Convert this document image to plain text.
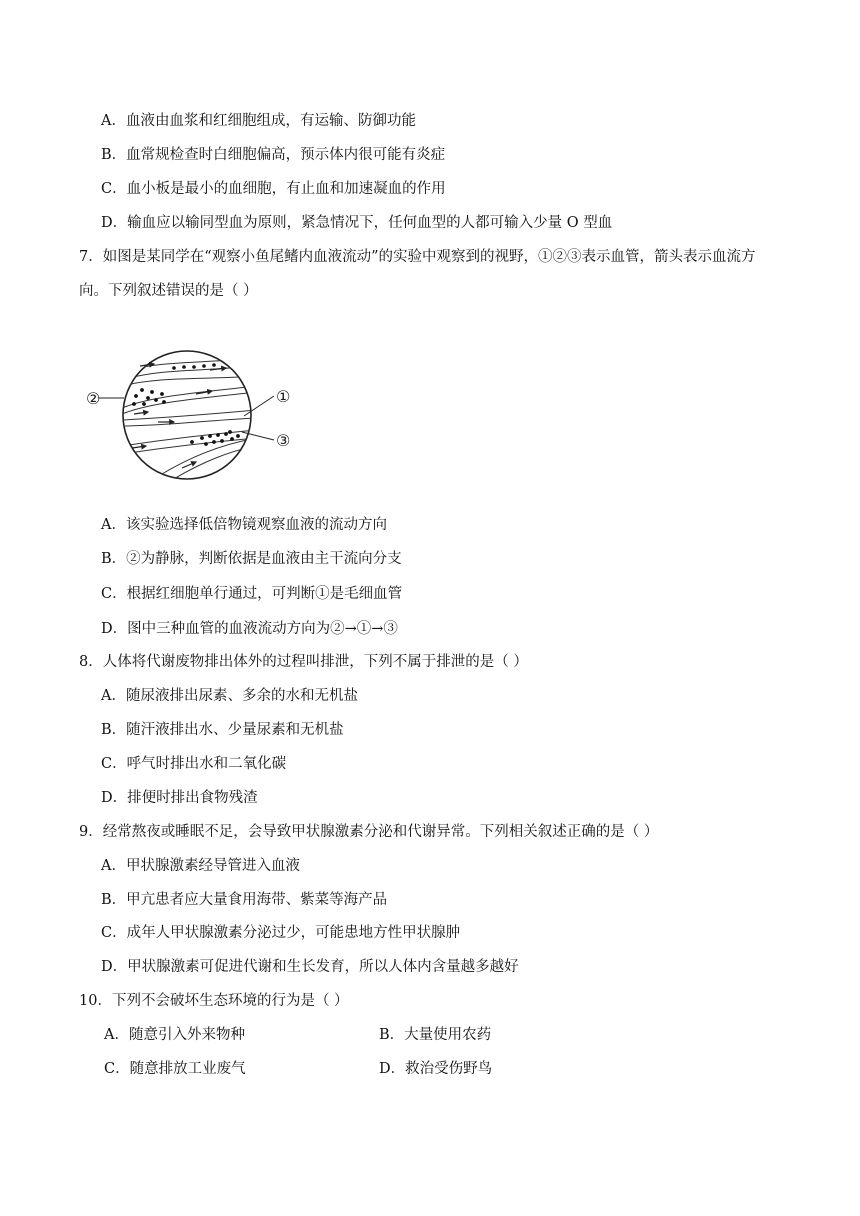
A．血液由血浆和红细胞组成，有运输、防御功能
B．血常规检查时白细胞偏高，预示体内很可能有炎症
C．血小板是最小的血细胞，有止血和加速凝血的作用
D．输血应以输同型血为原则，紧急情况下，任何血型的人都可输入少量 O 型血
7．如图是某同学在“观察小鱼尾鳍内血液流动”的实验中观察到的视野，①②③表示血管，箭头表示血流方
向。下列叙述错误的是（ ）
②	①
③
A．该实验选择低倍物镜观察血液的流动方向
B．②为静脉，判断依据是血液由主干流向分支
C．根据红细胞单行通过，可判断①是毛细血管
D．图中三种血管的血液流动方向为②→①→③
8．人体将代谢废物排出体外的过程叫排泄，下列不属于排泄的是（ ）
A．随尿液排出尿素、多余的水和无机盐
B．随汗液排出水、少量尿素和无机盐
C．呼气时排出水和二氧化碳
D．排便时排出食物残渣
9．经常熬夜或睡眠不足，会导致甲状腺激素分泌和代谢异常。下列相关叙述正确的是（ ）
A．甲状腺激素经导管进入血液
B．甲亢患者应大量食用海带、紫菜等海产品
C．成年人甲状腺激素分泌过少，可能患地方性甲状腺肿
D．甲状腺激素可促进代谢和生长发育，所以人体内含量越多越好
10．下列不会破坏生态环境的行为是（ ）
A．随意引入外来物种	B．大量使用农药
C．随意排放工业废气	D．救治受伤野鸟
